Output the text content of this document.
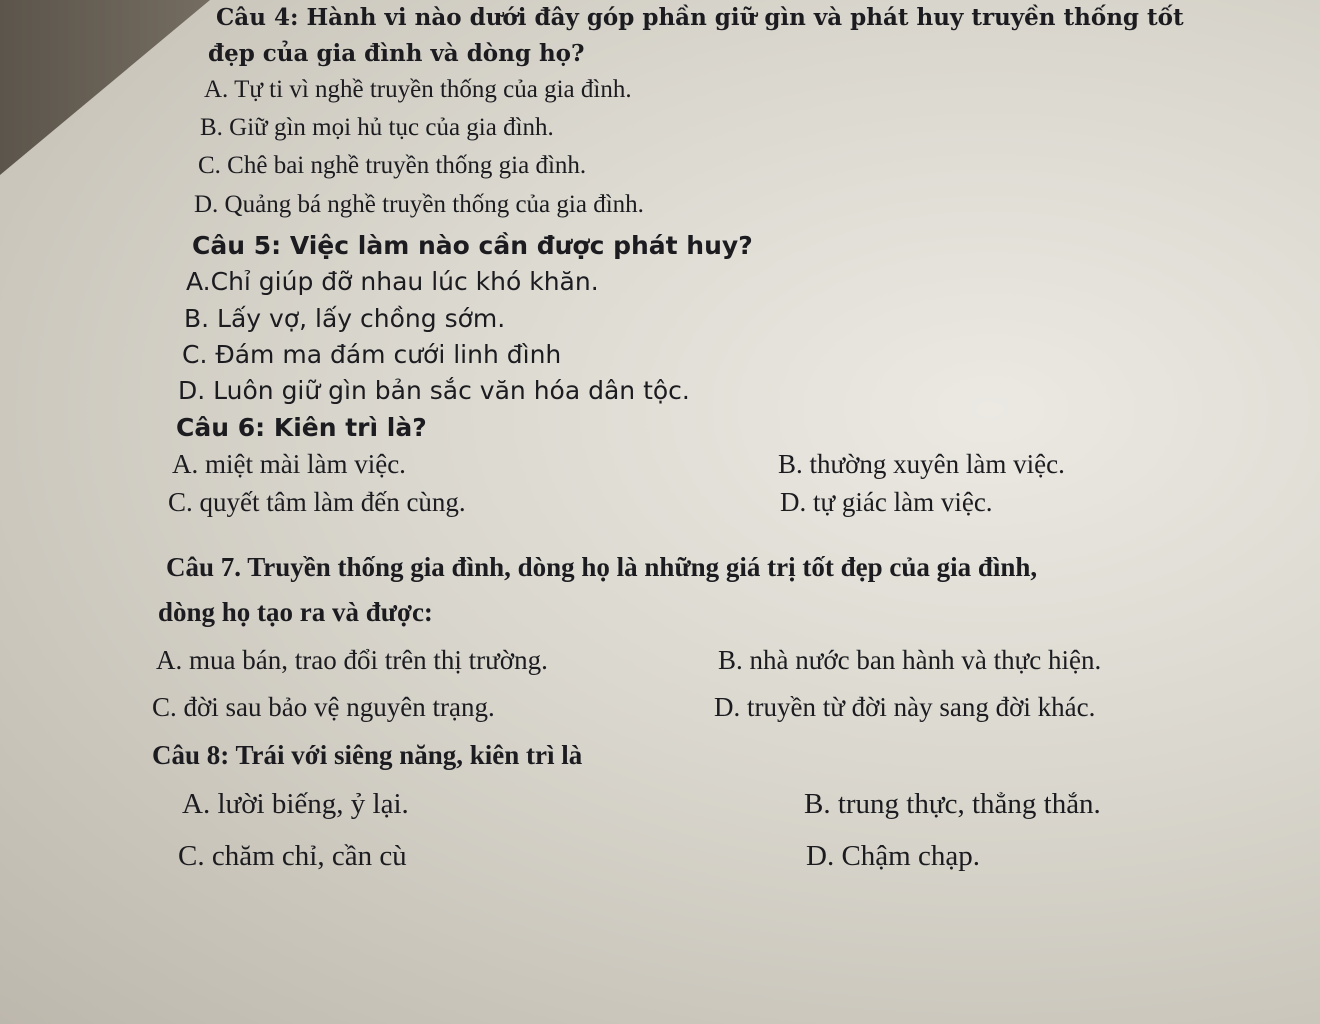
Câu 4: Hành vi nào dưới đây góp phần giữ gìn và phát huy truyền thống tốt
đẹp của gia đình và dòng họ?
A. Tự ti vì nghề truyền thống của gia đình.
B. Giữ gìn mọi hủ tục của gia đình.
C. Chê bai nghề truyền thống gia đình.
D. Quảng bá nghề truyền thống của gia đình.
Câu 5: Việc làm nào cần được phát huy?
A.Chỉ giúp đỡ nhau lúc khó khăn.
B. Lấy vợ, lấy chồng sớm.
C. Đám ma đám cưới linh đình
D. Luôn giữ gìn bản sắc văn hóa dân tộc.
Câu 6: Kiên trì là?
A. miệt mài làm việc.	B. thường xuyên làm việc.
C. quyết tâm làm đến cùng.	D. tự giác làm việc.
Câu 7. Truyền thống gia đình, dòng họ là những giá trị tốt đẹp của gia đình,
dòng họ tạo ra và được:
A. mua bán, trao đổi trên thị trường.	B. nhà nước ban hành và thực hiện.
C. đời sau bảo vệ nguyên trạng.	D. truyền từ đời này sang đời khác.
Câu 8: Trái với siêng năng, kiên trì là
A. lười biếng, ỷ lại.	B. trung thực, thẳng thắn.
C. chăm chỉ, cần cù	D. Chậm chạp.
